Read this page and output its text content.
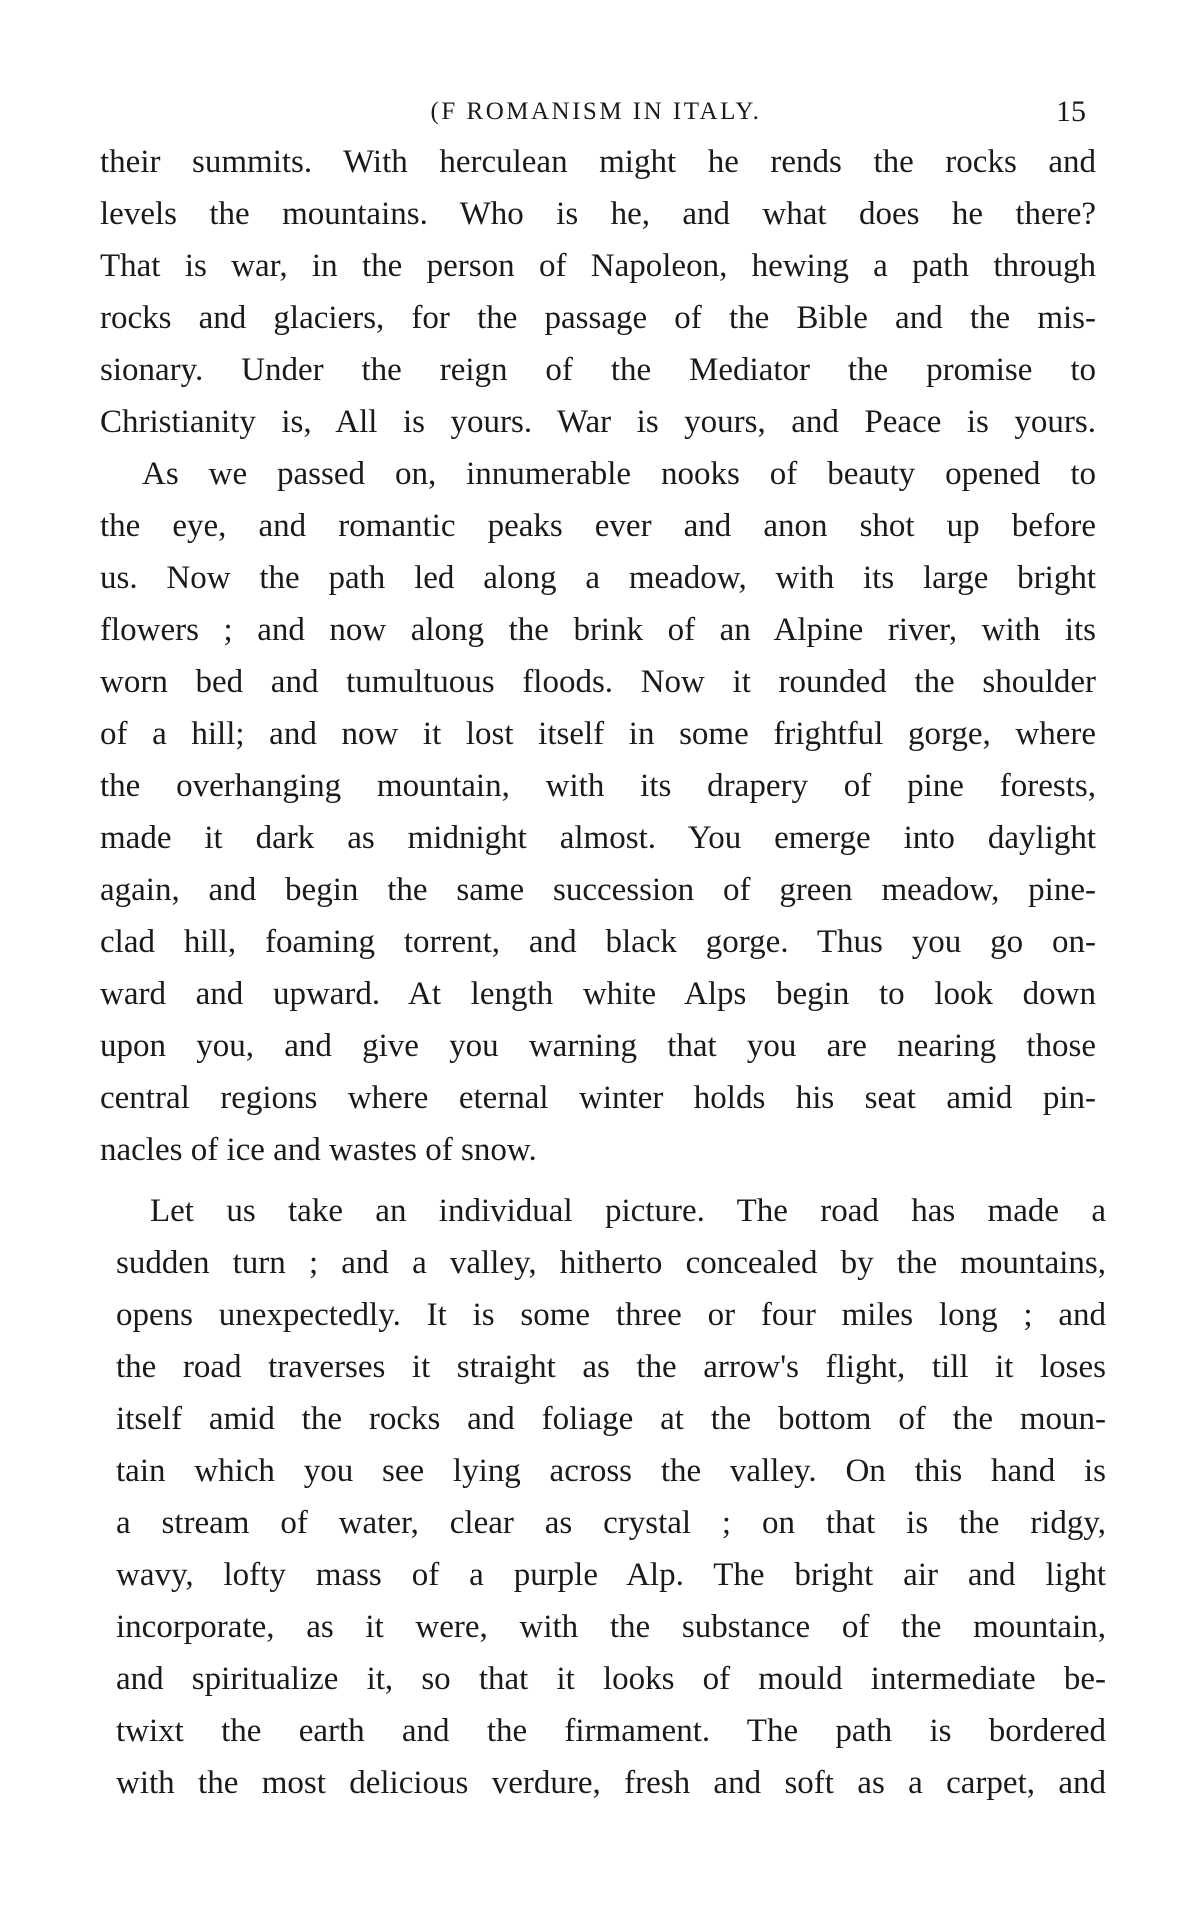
(F ROMANISM IN ITALY.	15
their summits. With herculean might he rends the rocks and
levels the mountains. Who is he, and what does he there?
That is war, in the person of Napoleon, hewing a path through
rocks and glaciers, for the passage of the Bible and the mis-
sionary. Under the reign of the Mediator the promise to
Christianity is, All is yours. War is yours, and Peace is yours.
As we passed on, innumerable nooks of beauty opened to
the eye, and romantic peaks ever and anon shot up before
us. Now the path led along a meadow, with its large bright
flowers ; and now along the brink of an Alpine river, with its
worn bed and tumultuous floods. Now it rounded the shoulder
of a hill; and now it lost itself in some frightful gorge, where
the overhanging mountain, with its drapery of pine forests,
made it dark as midnight almost. You emerge into daylight
again, and begin the same succession of green meadow, pine-
clad hill, foaming torrent, and black gorge. Thus you go on-
ward and upward. At length white Alps begin to look down
upon you, and give you warning that you are nearing those
central regions where eternal winter holds his seat amid pin-
nacles of ice and wastes of snow.
Let us take an individual picture. The road has made a
sudden turn ; and a valley, hitherto concealed by the mountains,
opens unexpectedly. It is some three or four miles long ; and
the road traverses it straight as the arrow's flight, till it loses
itself amid the rocks and foliage at the bottom of the moun-
tain which you see lying across the valley. On this hand is
a stream of water, clear as crystal ; on that is the ridgy,
wavy, lofty mass of a purple Alp. The bright air and light
incorporate, as it were, with the substance of the mountain,
and spiritualize it, so that it looks of mould intermediate be-
twixt the earth and the firmament. The path is bordered
with the most delicious verdure, fresh and soft as a carpet, and
